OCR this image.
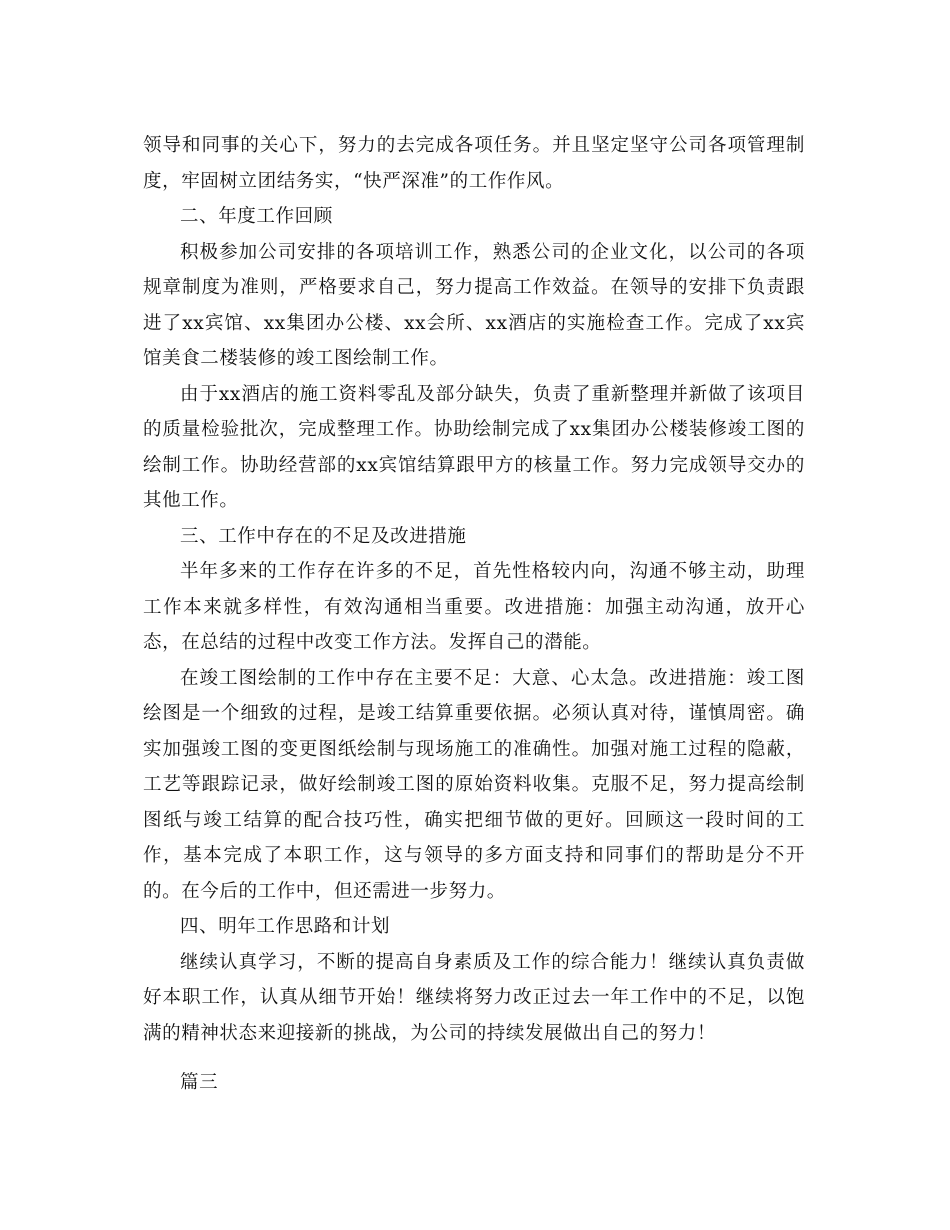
领导和同事的关心下，努力的去完成各项任务。并且坚定坚守公司各项管理制度，牢固树立团结务实，“快严深准”的工作作风。

二、年度工作回顾

积极参加公司安排的各项培训工作，熟悉公司的企业文化，以公司的各项规章制度为准则，严格要求自己，努力提高工作效益。在领导的安排下负责跟进了xx宾馆、xx集团办公楼、xx会所、xx酒店的实施检查工作。完成了xx宾馆美食二楼装修的竣工图绘制工作。

由于xx酒店的施工资料零乱及部分缺失，负责了重新整理并新做了该项目的质量检验批次，完成整理工作。协助绘制完成了xx集团办公楼装修竣工图的绘制工作。协助经营部的xx宾馆结算跟甲方的核量工作。努力完成领导交办的其他工作。

三、工作中存在的不足及改进措施

半年多来的工作存在许多的不足，首先性格较内向，沟通不够主动，助理工作本来就多样性，有效沟通相当重要。改进措施：加强主动沟通，放开心态，在总结的过程中改变工作方法。发挥自己的潜能。

在竣工图绘制的工作中存在主要不足：大意、心太急。改进措施：竣工图绘图是一个细致的过程，是竣工结算重要依据。必须认真对待，谨慎周密。确实加强竣工图的变更图纸绘制与现场施工的准确性。加强对施工过程的隐蔽，工艺等跟踪记录，做好绘制竣工图的原始资料收集。克服不足，努力提高绘制图纸与竣工结算的配合技巧性，确实把细节做的更好。回顾这一段时间的工作，基本完成了本职工作，这与领导的多方面支持和同事们的帮助是分不开的。在今后的工作中，但还需进一步努力。

四、明年工作思路和计划

继续认真学习，不断的提高自身素质及工作的综合能力！继续认真负责做好本职工作，认真从细节开始！继续将努力改正过去一年工作中的不足，以饱满的精神状态来迎接新的挑战，为公司的持续发展做出自己的努力！

篇三
